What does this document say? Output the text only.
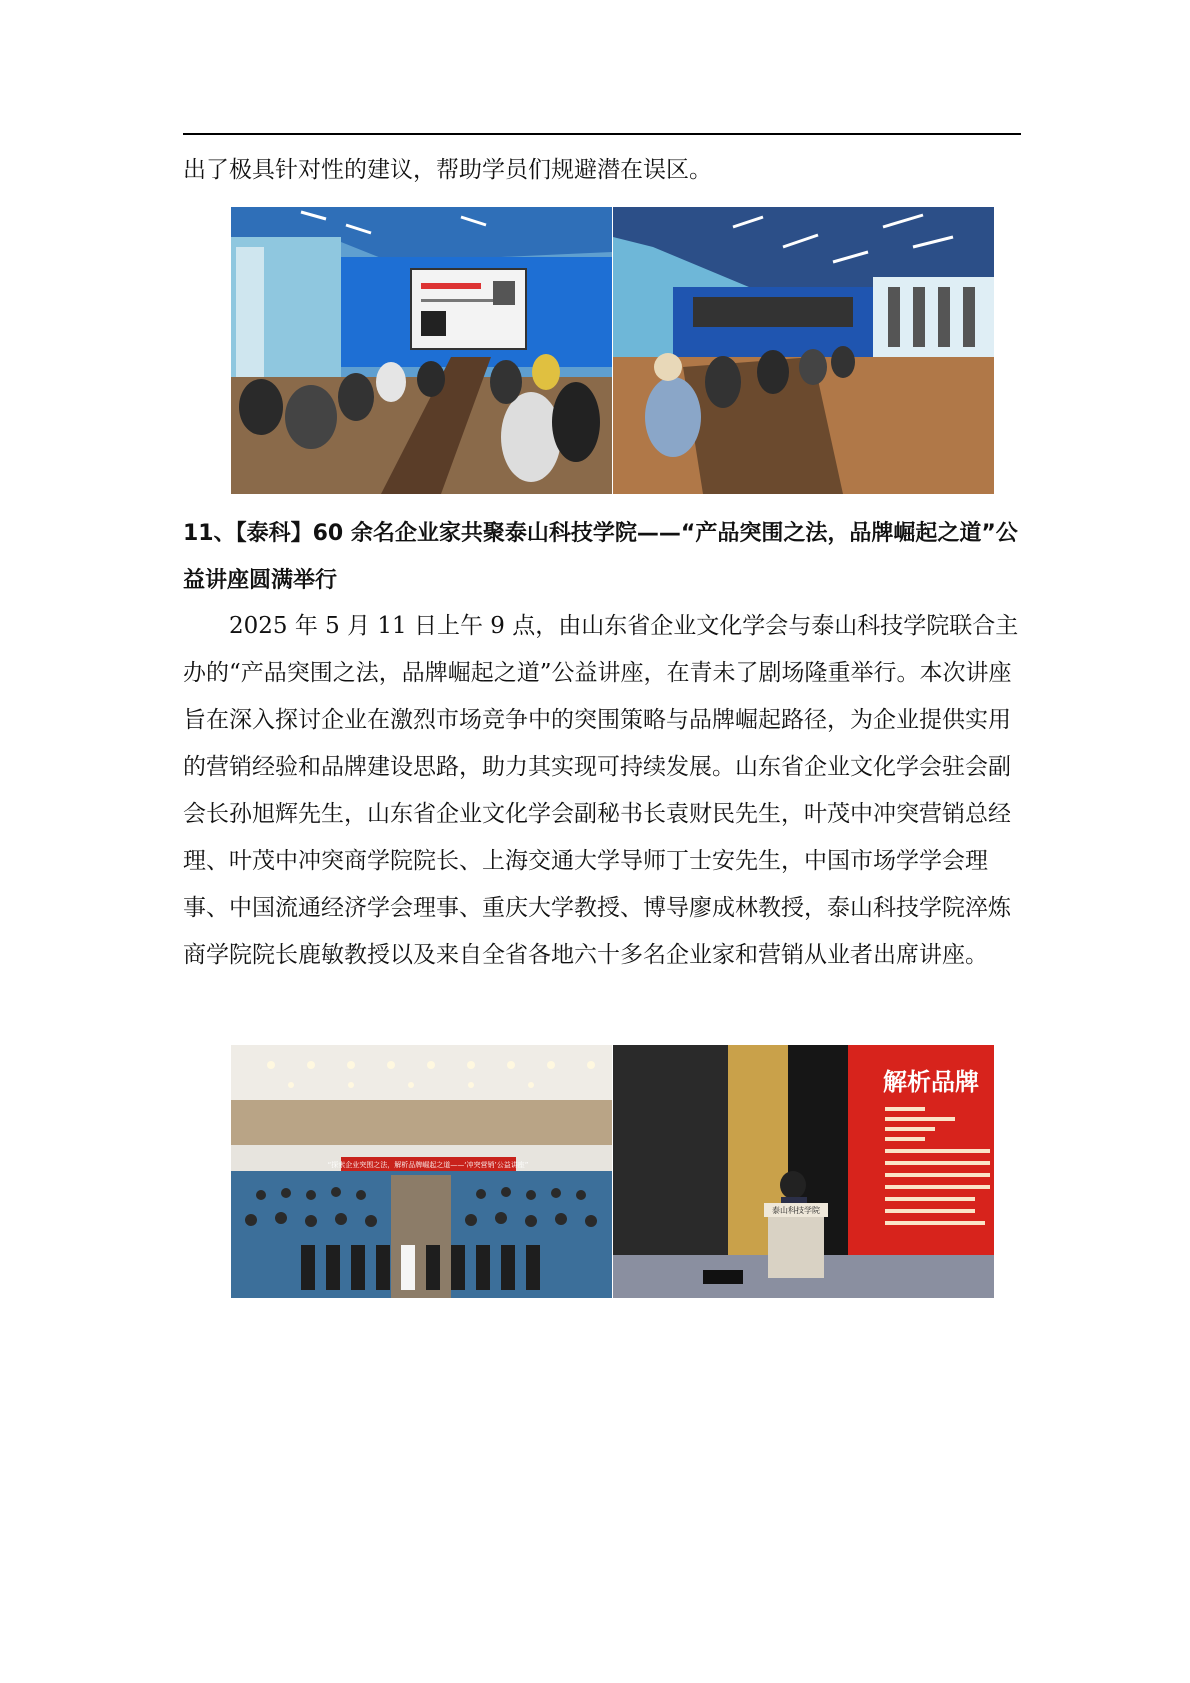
出了极具针对性的建议，帮助学员们规避潜在误区。
11、【泰科】60 余名企业家共聚泰山科技学院——“产品突围之法，品牌崛起之道”公益讲座圆满举行
2025 年 5 月 11 日上午 9 点，由山东省企业文化学会与泰山科技学院联合主办的“产品突围之法，品牌崛起之道”公益讲座，在青未了剧场隆重举行。本次讲座旨在深入探讨企业在激烈市场竞争中的突围策略与品牌崛起路径，为企业提供实用的营销经验和品牌建设思路，助力其实现可持续发展。山东省企业文化学会驻会副会长孙旭辉先生，山东省企业文化学会副秘书长袁财民先生，叶茂中冲突营销总经理、叶茂中冲突商学院院长、上海交通大学导师丁士安先生，中国市场学学会理事、中国流通经济学会理事、重庆大学教授、博导廖成林教授，泰山科技学院淬炼商学院院长鹿敏教授以及来自全省各地六十多名企业家和营销从业者出席讲座。
“探索企业突围之法，解析品牌崛起之道——‘冲突营销’公益讲座”
解析品牌
泰山科技学院
